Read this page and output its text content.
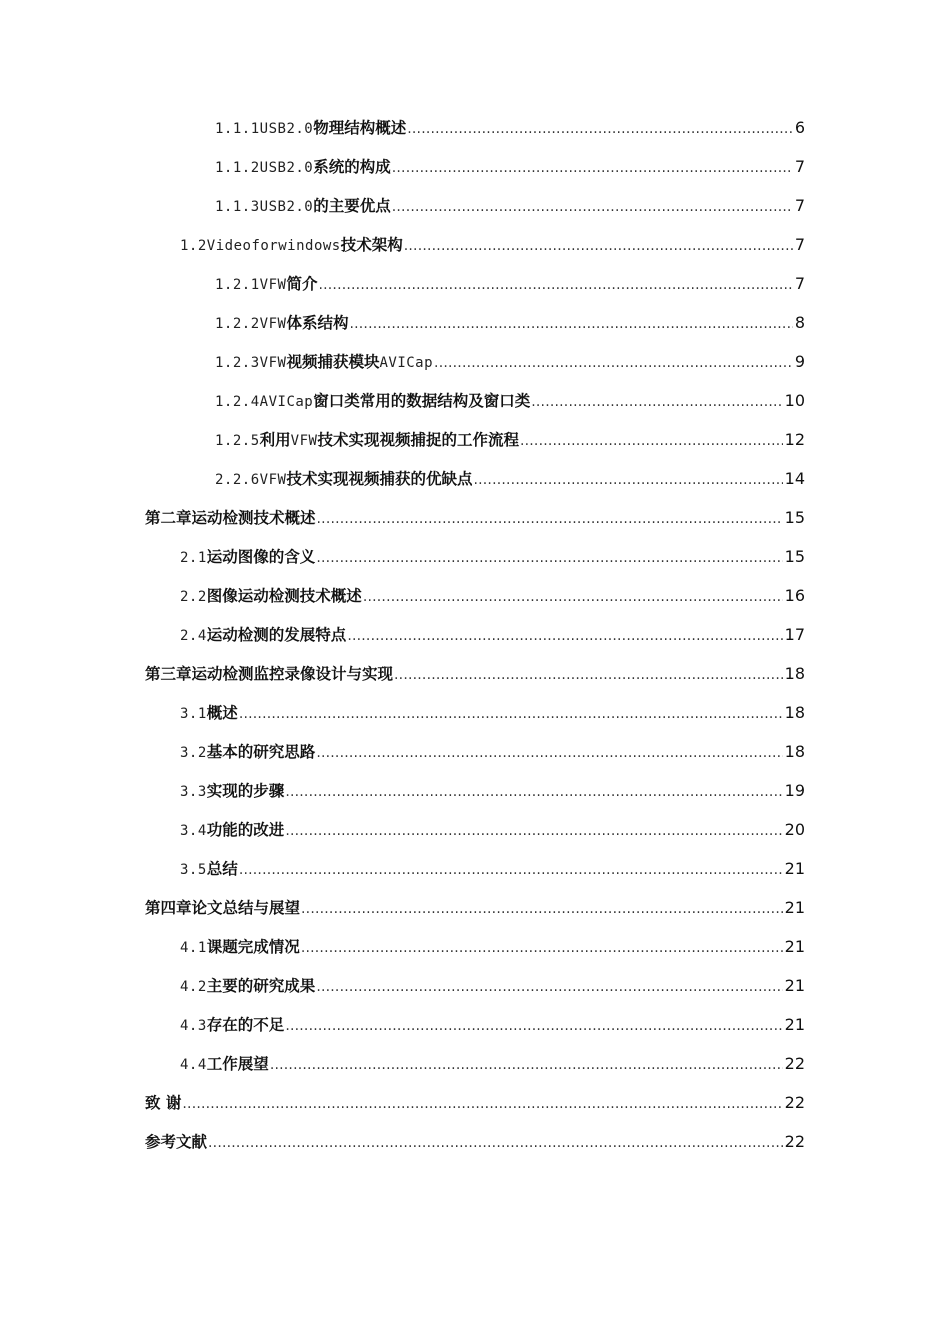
1.1.1 USB2.0 物理结构概述 .....	6
1.1.2 USB2.0 系统的构成 .....	7
1.1.3 USB2.0 的主要优点 .....	7
1.2 Videoforwindows 技术架构 .....	7
1.2.1 VFW 简介 .....	7
1.2.2 VFW 体系结构 .....	8
1.2.3 VFW 视频捕获模块 AVICap .....	9
1.2.4 AVICap 窗口类常用的数据结构及窗口类 .....	10
1.2.5 利用 VFW 技术实现视频捕捉的工作流程 .....	12
2.2.6 VFW 技术实现视频捕获的优缺点 .....	14
第二章运动检测技术概述 .....	15
2.1 运动图像的含义 .....	15
2.2 图像运动检测技术概述 .....	16
2.4 运动检测的发展特点 .....	17
第三章运动检测监控录像设计与实现 .....	18
3.1 概述 .....	18
3.2 基本的研究思路 .....	18
3.3 实现的步骤 .....	19
3.4 功能的改进 .....	20
3.5 总结 .....	21
第四章论文总结与展望 .....	21
4.1 课题完成情况 .....	21
4.2 主要的研究成果 .....	21
4.3 存在的不足 .....	21
4.4 工作展望 .....	22
致 谢 .....	22
参考文献 .....	22
